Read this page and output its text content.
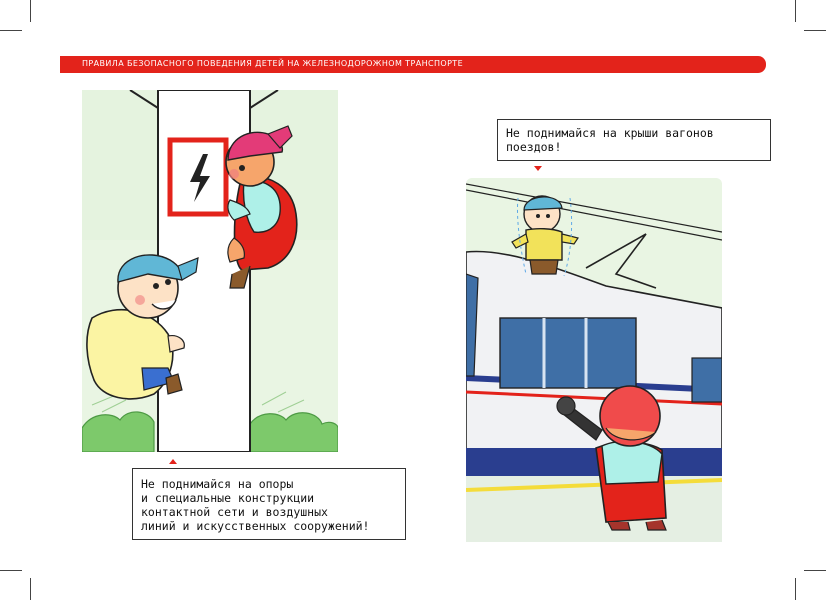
ПРАВИЛА БЕЗОПАСНОГО ПОВЕДЕНИЯ ДЕТЕЙ НА ЖЕЛЕЗНОДОРОЖНОМ ТРАНСПОРТЕ
Не поднимайся на опоры
и специальные конструкции
контактной сети и воздушных
линий и искусственных сооружений!
Не поднимайся на крыши вагонов
поездов!
